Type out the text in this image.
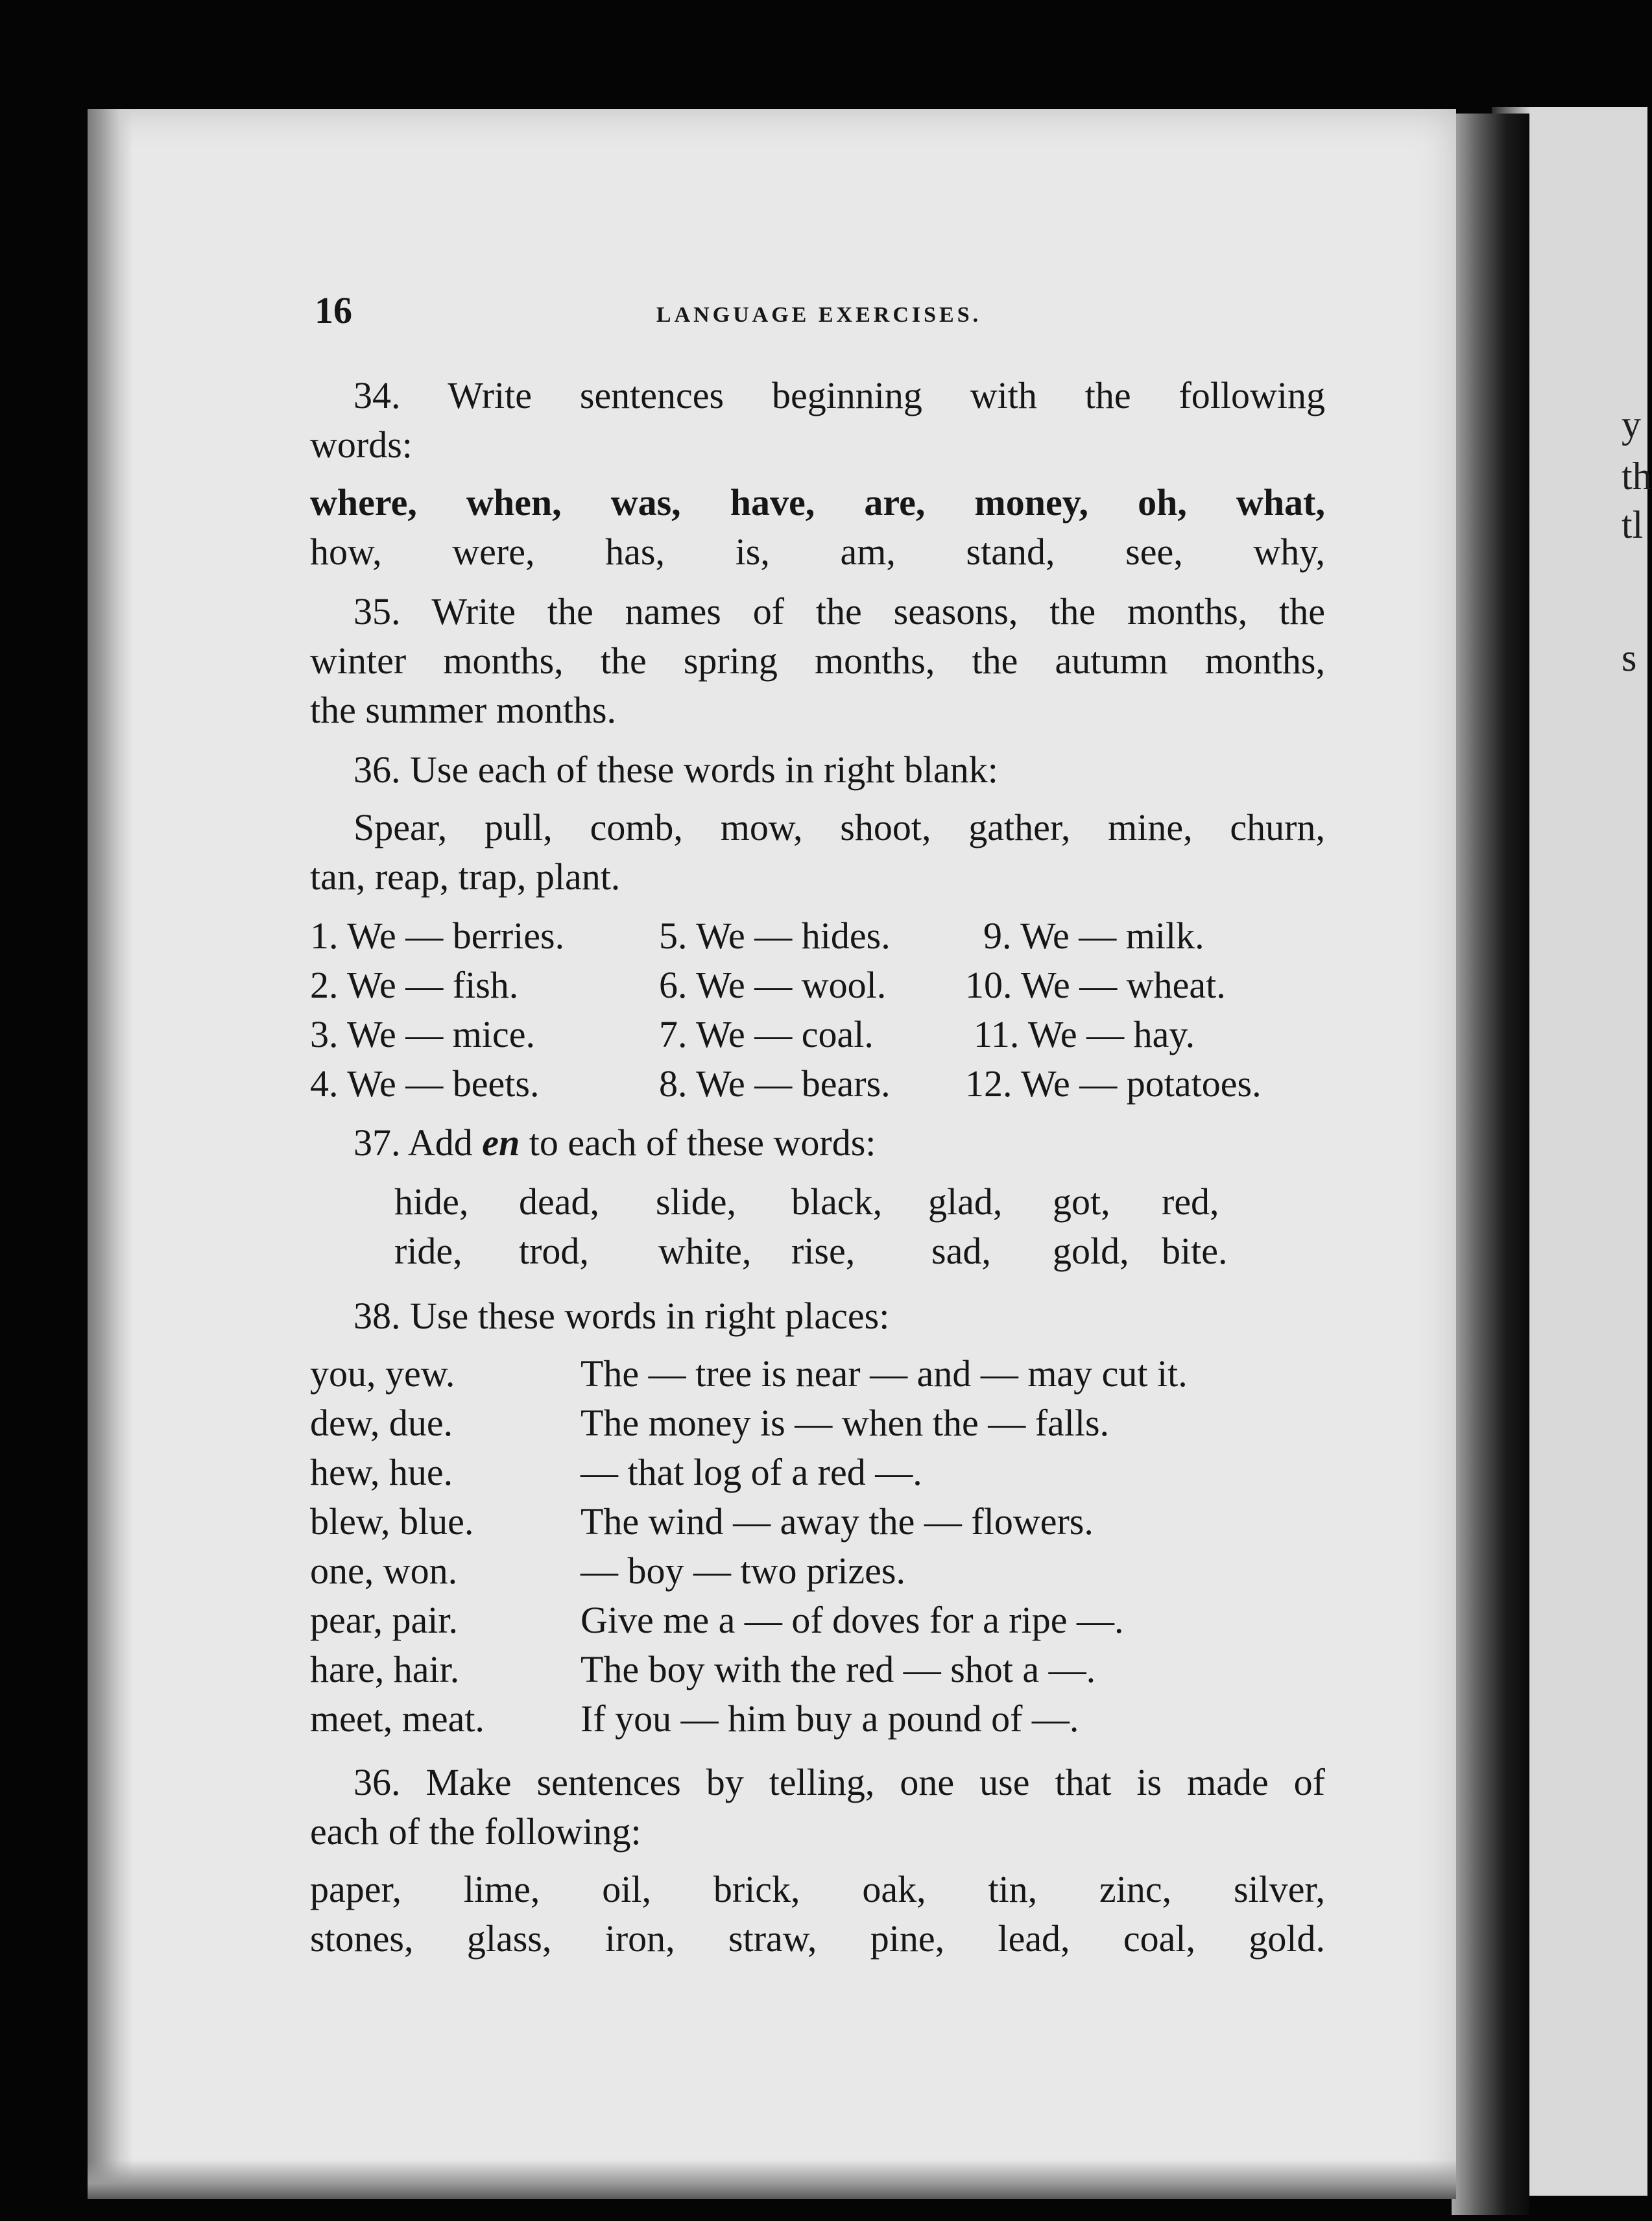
y
th
tl
s
16	LANGUAGE EXERCISES.
34. Write sentences beginning with the following
words:
where, when, was, have, are, money, oh, what,
how, were, has, is, am, stand, see, why,
35. Write the names of the seasons, the months, the
winter months, the spring months, the autumn months,
the summer months.
36. Use each of these words in right blank:
Spear, pull, comb, mow, shoot, gather, mine, churn,
tan, reap, trap, plant.
1. We — berries.	5. We — hides. 9. We — milk.
2. We — fish.	6. We — wool. 10. We — wheat.
3. We — mice.	7. We — coal.	11. We — hay.
4. We — beets.	8. We — bears. 12. We — potatoes.
37. Add en to each of these words:
hide, dead, slide, black, glad, got, red,
ride, trod, white, rise, sad, gold, bite.
38. Use these words in right places:
you, yew.	The — tree is near — and — may cut it.
dew, due.	The money is — when the — falls.
hew, hue.	— that log of a red —.
blew, blue.	The wind — away the — flowers.
one, won.	— boy — two prizes.
pear, pair.	Give me a — of doves for a ripe —.
hare, hair.	The boy with the red — shot a —.
meet, meat.	If you — him buy a pound of —.
36. Make sentences by telling, one use that is made of
each of the following:
paper, lime, oil, brick, oak, tin, zinc, silver,
stones, glass, iron, straw, pine, lead, coal, gold.
